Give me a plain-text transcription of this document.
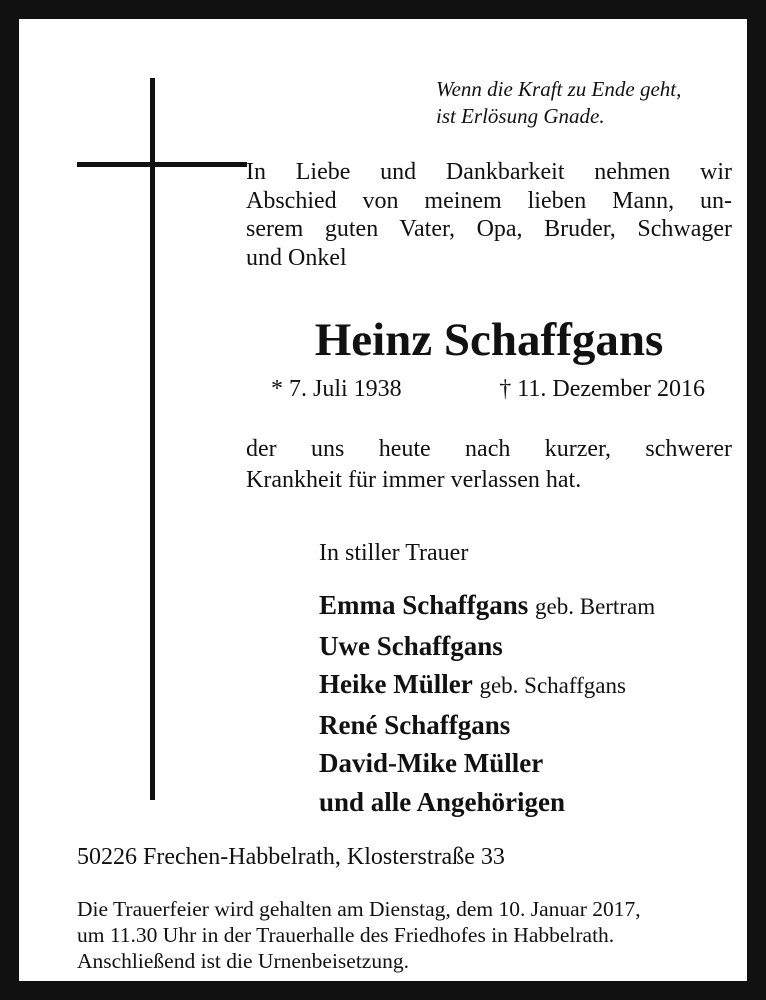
Wenn die Kraft zu Ende geht,
ist Erlösung Gnade.
In Liebe und Dankbarkeit nehmen wir
Abschied von meinem lieben Mann, un-
serem guten Vater, Opa, Bruder, Schwager
und Onkel
Heinz Schaffgans
* 7. Juli 1938	† 11. Dezember 2016
der uns heute nach kurzer, schwerer
Krankheit für immer verlassen hat.
In stiller Trauer
Emma Schaffgans geb. Bertram
Uwe Schaffgans
Heike Müller geb. Schaffgans
René Schaffgans
David-Mike Müller
und alle Angehörigen
50226 Frechen-Habbelrath, Klosterstraße 33
Die Trauerfeier wird gehalten am Dienstag, dem 10. Januar 2017,
um 11.30 Uhr in der Trauerhalle des Friedhofes in Habbelrath.
Anschließend ist die Urnenbeisetzung.
